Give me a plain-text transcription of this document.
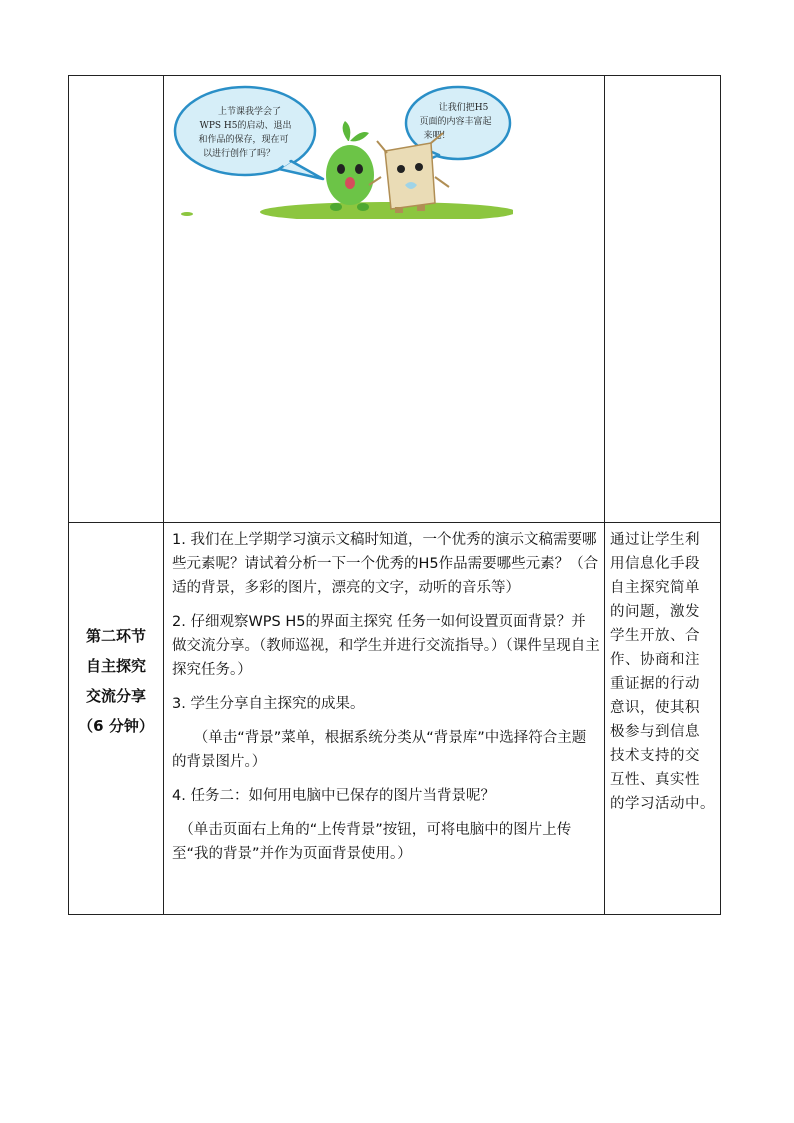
上节课我学会了 WPS H5的启动、退出 和作品的保存，现在可 以进行创作了吗？
让我们把H5 页面的内容丰富起 来吧！
第二环节
自主探究
交流分享
（6 分钟）

1. 我们在上学期学习演示文稿时知道，一个优秀的演示文稿需要哪些元素呢？请试着分析一下一个优秀的H5作品需要哪些元素？（合适的背景，多彩的图片，漂亮的文字，动听的音乐等）

2. 仔细观察WPS H5的界面主探究 任务一如何设置页面背景？并做交流分享。（教师巡视，和学生并进行交流指导。）（课件呈现自主探究任务。）

3. 学生分享自主探究的成果。

（单击“背景”菜单，根据系统分类从“背景库”中选择符合主题的背景图片。）

4. 任务二：如何用电脑中已保存的图片当背景呢？

（单击页面右上角的“上传背景”按钮，可将电脑中的图片上传至“我的背景”并作为页面背景使用。）

通过让学生利
用信息化手段
自主探究简单
的问题，激发
学生开放、合
作、协商和注
重证据的行动
意识，使其积
极参与到信息
技术支持的交
互性、真实性
的学习活动中。
